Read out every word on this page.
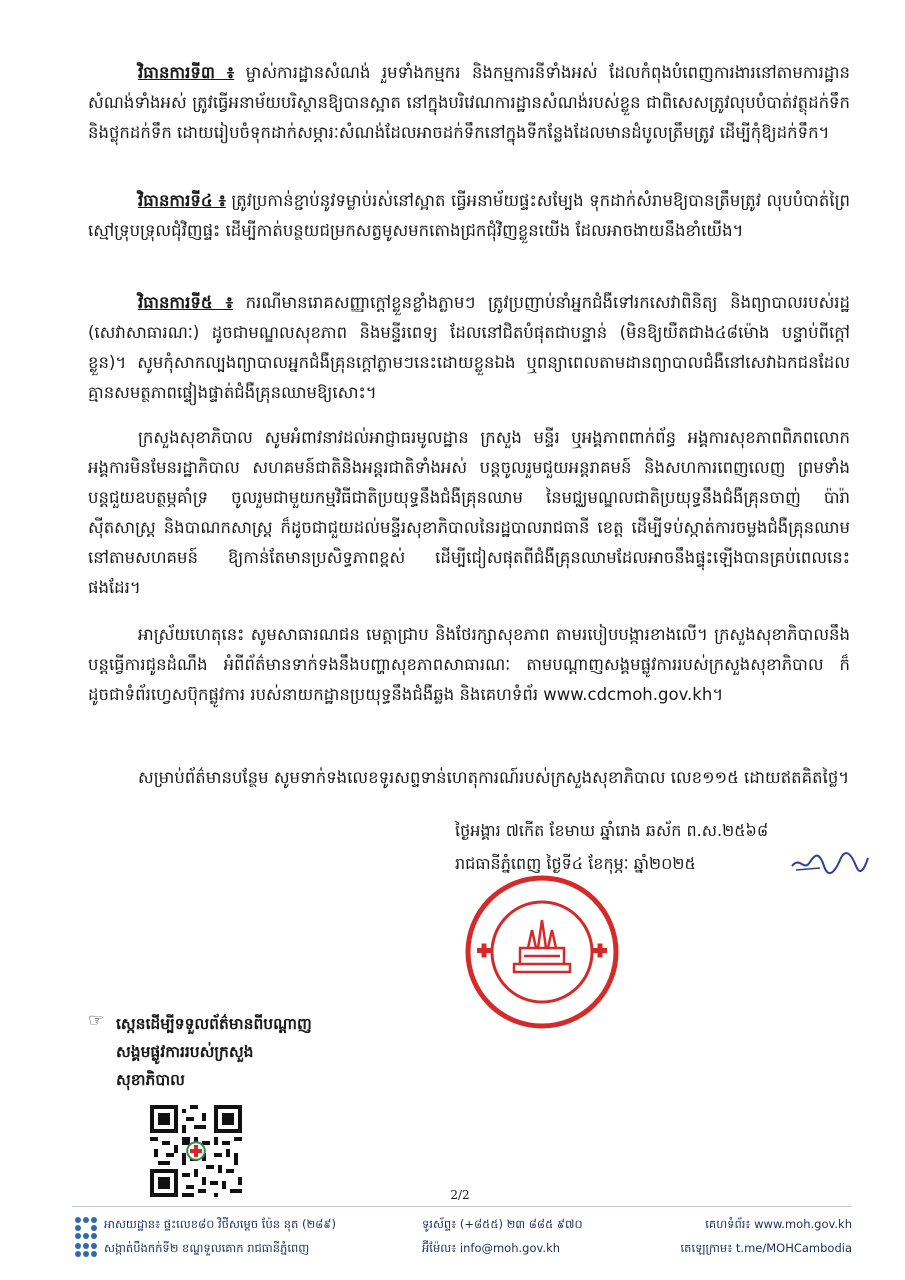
វិធានការទី៣ ៖ ម្ចាស់ការដ្ឋានសំណង់ រួមទាំងកម្មករ និងកម្មការនីទាំងអស់ ដែលកំពុងបំពេញការងារនៅតាមការដ្ឋានសំណង់ទាំងអស់ ត្រូវធ្វើអនាម័យបរិស្ថានឱ្យបានស្អាត នៅក្នុងបរិវេណការដ្ឋានសំណង់របស់ខ្លួន ជាពិសេសត្រូវលុបបំបាត់វត្ថុដក់ទឹក និងថ្លុកដក់ទឹក ដោយរៀបចំទុកដាក់សម្ភារៈសំណង់ដែលអាចដក់ទឹកនៅក្នុងទីកន្លែងដែលមានដំបូលត្រឹមត្រូវ ដើម្បីកុំឱ្យដក់ទឹក។
វិធានការទី៤ ៖ ត្រូវប្រកាន់ខ្ជាប់នូវទម្លាប់រស់នៅស្អាត ធ្វើអនាម័យផ្ទះសម្បែង ទុកដាក់សំរាមឱ្យបានត្រឹមត្រូវ លុបបំបាត់ព្រៃស្មៅទ្រុបទ្រុលជុំវិញផ្ទះ ដើម្បីកាត់បន្ថយជម្រកសត្វមូសមកតោងជ្រកជុំវិញខ្លួនយើង ដែលអាចងាយនឹងខាំយើង។
វិធានការទី៥ ៖ ករណីមានរោគសញ្ញាក្តៅខ្លួនខ្លាំងភ្លាមៗ ត្រូវប្រញាប់នាំអ្នកជំងឺទៅរកសេវាពិនិត្យ និងព្យាបាលរបស់រដ្ឋ (សេវាសាធារណៈ) ដូចជាមណ្ឌលសុខភាព និងមន្ទីរពេទ្យ ដែលនៅជិតបំផុតជាបន្ទាន់ (មិនឱ្យយឺតជាង៤៨ម៉ោង បន្ទាប់ពីក្តៅខ្លួន)។ សូមកុំសាកល្បងព្យាបាលអ្នកជំងឺគ្រុនក្តៅភ្លាមៗនេះដោយខ្លួនឯង ឬពន្យាពេលតាមដានព្យាបាលជំងឺនៅសេវាឯកជនដែលគ្មានសមត្ថភាពផ្ទៀងផ្ទាត់ជំងឺគ្រុនឈាមឱ្យសោះ។
ក្រសួងសុខាភិបាល សូមអំពាវនាវដល់អាជ្ញាធរមូលដ្ឋាន ក្រសួង មន្ទីរ ឬអង្គភាពពាក់ព័ន្ធ អង្គការសុខភាពពិភពលោក អង្គការមិនមែនរដ្ឋាភិបាល សហគមន៍ជាតិនិងអន្តរជាតិទាំងអស់ បន្តចូលរួមជួយអន្តរាគមន៍ និងសហការពេញលេញ ព្រមទាំងបន្តជួយឧបត្ថម្ភគាំទ្រ ចូលរួមជាមួយកម្មវិធីជាតិប្រយុទ្ធនឹងជំងឺគ្រុនឈាម នៃមជ្ឈមណ្ឌលជាតិប្រយុទ្ធនឹងជំងឺគ្រុនចាញ់ ប៉ារ៉ាស៊ីតសាស្ត្រ និងបាណកសាស្ត្រ ក៏ដូចជាជួយដល់មន្ទីរសុខាភិបាលនៃរដ្ឋបាលរាជធានី ខេត្ត ដើម្បីទប់ស្កាត់ការចម្លងជំងឺគ្រុនឈាមនៅតាមសហគមន៍ ឱ្យកាន់តែមានប្រសិទ្ធភាពខ្ពស់ ដើម្បីជៀសផុតពីជំងឺគ្រុនឈាមដែលអាចនឹងផ្ទុះឡើងបានគ្រប់ពេលនេះផងដែរ។
អាស្រ័យហេតុនេះ សូមសាធារណជន មេត្តាជ្រាប និងថែរក្សាសុខភាព តាមរបៀបបង្ការខាងលើ។ ក្រសួងសុខាភិបាលនឹងបន្តធ្វើការជូនដំណឹង អំពីព័ត៌មានទាក់ទងនឹងបញ្ហាសុខភាពសាធារណៈ តាមបណ្តាញសង្គមផ្លូវការរបស់ក្រសួងសុខាភិបាល ក៏ដូចជាទំព័រហ្វេសប៊ុកផ្លូវការ របស់នាយកដ្ឋានប្រយុទ្ធនឹងជំងឺឆ្លង និងគេហទំព័រ www.cdcmoh.gov.kh។
សម្រាប់ព័ត៌មានបន្ថែម សូមទាក់ទងលេខទូរសព្ទទាន់ហេតុការណ៍របស់ក្រសួងសុខាភិបាល លេខ១១៥ ដោយឥតគិតថ្លៃ។
ថ្ងៃអង្គារ ៧កើត ខែមាឃ ឆ្នាំរោង ឆស័ក ព.ស.២៥៦៨
រាជធានីភ្នំពេញ ថ្ងៃទី៤ ខែកុម្ភៈ ឆ្នាំ២០២៥
☞ ស្កេនដើម្បីទទួលព័ត៌មានពីបណ្តាញសង្គមផ្លូវការរបស់ក្រសួងសុខាភិបាល
2/2
អាសយដ្ឋាន៖ ផ្ទះលេខ៨០ វិថីសម្តេច ប៉ែន នុត (២៨៩)
សង្កាត់បឹងកក់ទី២ ខណ្ឌទួលគោក រាជធានីភ្នំពេញ
ទូរស័ព្ទ៖ (+៨៥៥) ២៣ ៨៨៥ ៩៧០
អ៊ីម៉ែល៖ info@moh.gov.kh
គេហទំព័រ៖ www.moh.gov.kh
តេឡេក្រាម៖ t.me/MOHCambodia
